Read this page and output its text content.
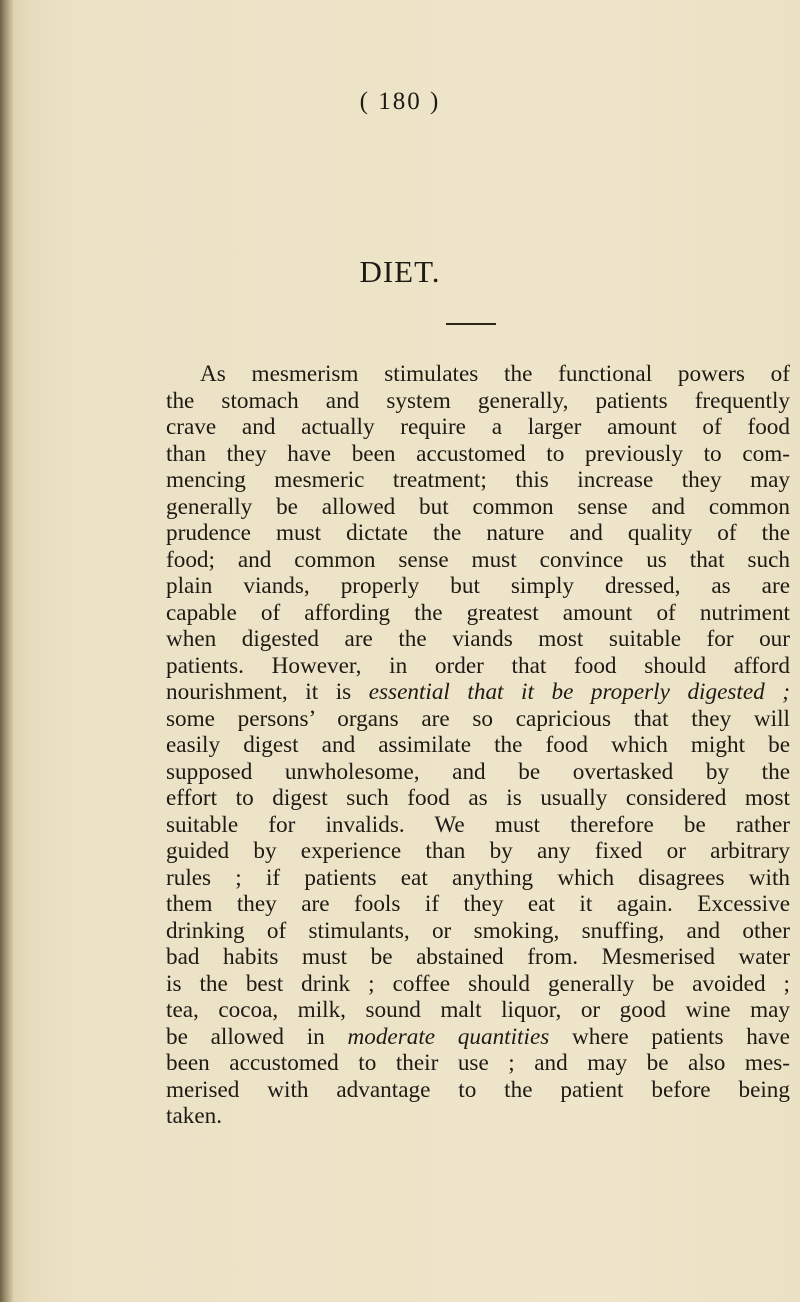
( 180 )
DIET.
As mesmerism stimulates the functional powers of
the stomach and system generally, patients frequently
crave and actually require a larger amount of food
than they have been accustomed to previously to com-
mencing mesmeric treatment; this increase they may
generally be allowed but common sense and common
prudence must dictate the nature and quality of the
food; and common sense must convince us that such
plain viands, properly but simply dressed, as are
capable of affording the greatest amount of nutriment
when digested are the viands most suitable for our
patients. However, in order that food should afford
nourishment, it is essential that it be properly digested ;
some persons’ organs are so capricious that they will
easily digest and assimilate the food which might be
supposed unwholesome, and be overtasked by the
effort to digest such food as is usually considered most
suitable for invalids. We must therefore be rather
guided by experience than by any fixed or arbitrary
rules ; if patients eat anything which disagrees with
them they are fools if they eat it again. Excessive
drinking of stimulants, or smoking, snuffing, and other
bad habits must be abstained from. Mesmerised water
is the best drink ; coffee should generally be avoided ;
tea, cocoa, milk, sound malt liquor, or good wine may
be allowed in moderate quantities where patients have
been accustomed to their use ; and may be also mes-
merised with advantage to the patient before being
taken.
